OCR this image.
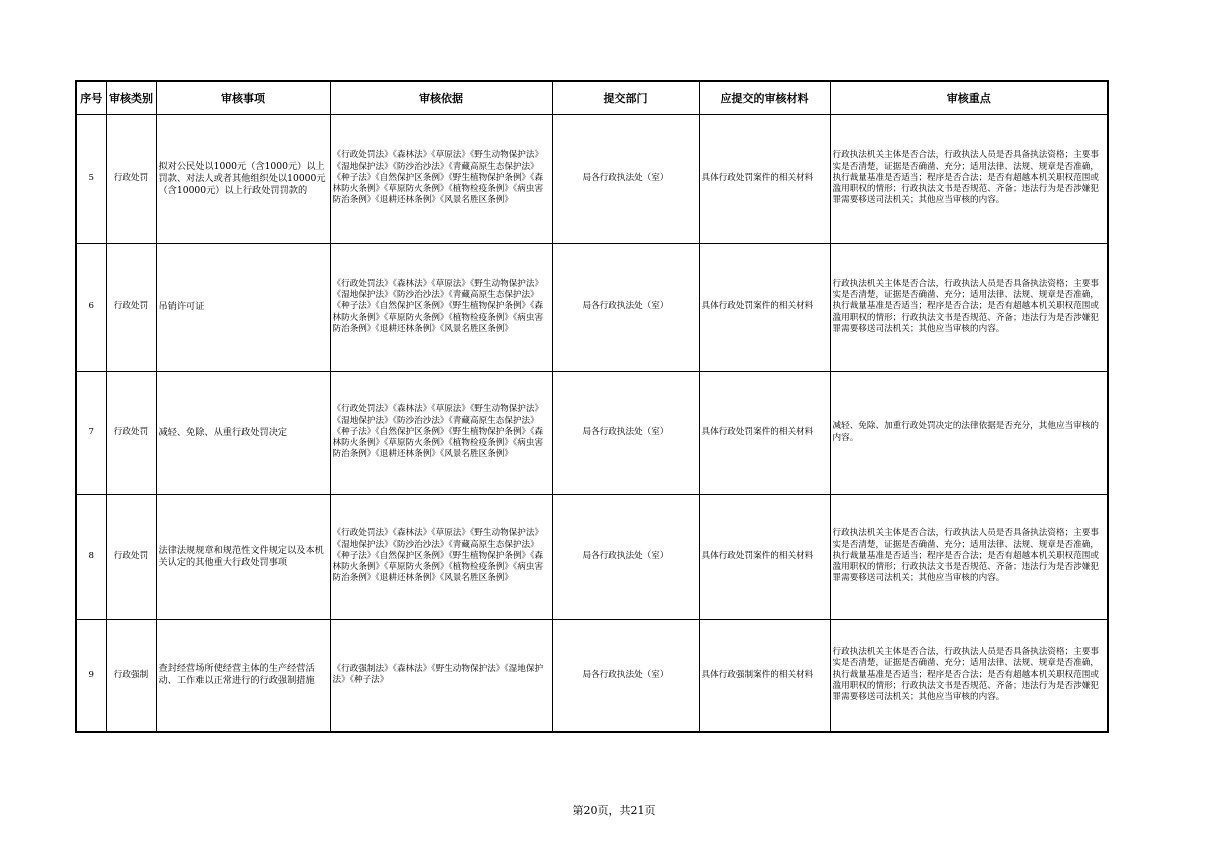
序号	审核类别	审核事项	审核依据	提交部门	应提交的审核材料	审核重点
5	行政处罚	拟对公民处以1000元（含1000元）以上罚款、对法人或者其他组织处以10000元（含10000元）以上行政处罚罚款的	《行政处罚法》《森林法》《草原法》《野生动物保护法》《湿地保护法》《防沙治沙法》《青藏高原生态保护法》《种子法》《自然保护区条例》《野生植物保护条例》《森林防火条例》《草原防火条例》《植物检疫条例》《病虫害防治条例》《退耕还林条例》《风景名胜区条例》	局各行政执法处（室）	具体行政处罚案件的相关材料	行政执法机关主体是否合法，行政执法人员是否具备执法资格；主要事实是否清楚，证据是否确凿、充分；适用法律、法规、规章是否准确，执行裁量基准是否适当；程序是否合法；是否有超越本机关职权范围或滥用职权的情形；行政执法文书是否规范、齐备；违法行为是否涉嫌犯罪需要移送司法机关；其他应当审核的内容。
6	行政处罚	吊销许可证	《行政处罚法》《森林法》《草原法》《野生动物保护法》《湿地保护法》《防沙治沙法》《青藏高原生态保护法》《种子法》《自然保护区条例》《野生植物保护条例》《森林防火条例》《草原防火条例》《植物检疫条例》《病虫害防治条例》《退耕还林条例》《风景名胜区条例》	局各行政执法处（室）	具体行政处罚案件的相关材料	行政执法机关主体是否合法，行政执法人员是否具备执法资格；主要事实是否清楚，证据是否确凿、充分；适用法律、法规、规章是否准确，执行裁量基准是否适当；程序是否合法；是否有超越本机关职权范围或滥用职权的情形；行政执法文书是否规范、齐备；违法行为是否涉嫌犯罪需要移送司法机关；其他应当审核的内容。
7	行政处罚	减轻、免除、从重行政处罚决定	《行政处罚法》《森林法》《草原法》《野生动物保护法》《湿地保护法》《防沙治沙法》《青藏高原生态保护法》《种子法》《自然保护区条例》《野生植物保护条例》《森林防火条例》《草原防火条例》《植物检疫条例》《病虫害防治条例》《退耕还林条例》《风景名胜区条例》	局各行政执法处（室）	具体行政处罚案件的相关材料	减轻、免除、加重行政处罚决定的法律依据是否充分，其他应当审核的内容。
8	行政处罚	法律法规规章和规范性文件规定以及本机关认定的其他重大行政处罚事项	《行政处罚法》《森林法》《草原法》《野生动物保护法》《湿地保护法》《防沙治沙法》《青藏高原生态保护法》《种子法》《自然保护区条例》《野生植物保护条例》《森林防火条例》《草原防火条例》《植物检疫条例》《病虫害防治条例》《退耕还林条例》《风景名胜区条例》	局各行政执法处（室）	具体行政处罚案件的相关材料	行政执法机关主体是否合法，行政执法人员是否具备执法资格；主要事实是否清楚，证据是否确凿、充分；适用法律、法规、规章是否准确，执行裁量基准是否适当；程序是否合法；是否有超越本机关职权范围或滥用职权的情形；行政执法文书是否规范、齐备；违法行为是否涉嫌犯罪需要移送司法机关；其他应当审核的内容。
9	行政强制	查封经营场所使经营主体的生产经营活动、工作难以正常进行的行政强制措施	《行政强制法》《森林法》《野生动物保护法》《湿地保护法》《种子法》	局各行政执法处（室）	具体行政强制案件的相关材料	行政执法机关主体是否合法，行政执法人员是否具备执法资格；主要事实是否清楚，证据是否确凿、充分；适用法律、法规、规章是否准确，执行裁量基准是否适当；程序是否合法；是否有超越本机关职权范围或滥用职权的情形；行政执法文书是否规范、齐备；违法行为是否涉嫌犯罪需要移送司法机关；其他应当审核的内容。
第20页，共21页
